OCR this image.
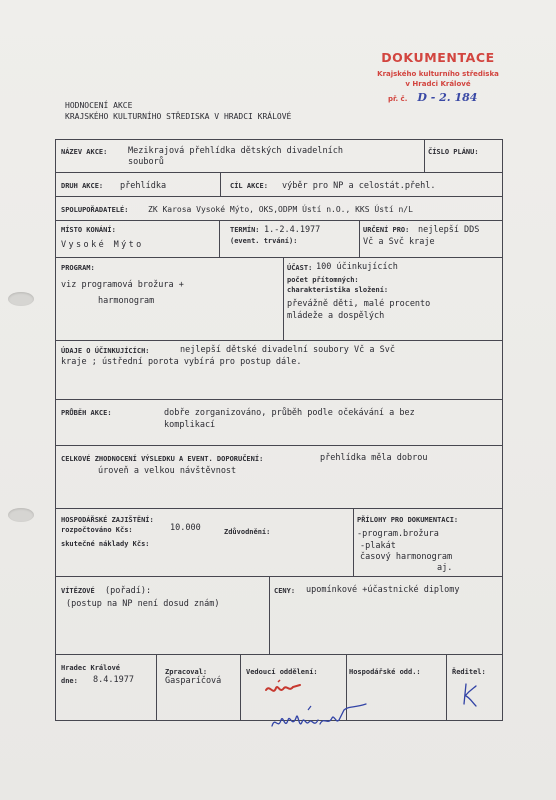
DOKUMENTACE
Krajského kulturního střediska
v Hradci Králové
př. č. D - 2. 184
HODNOCENÍ AKCE
KRAJSKÉHO KULTURNÍHO STŘEDISKA V HRADCI KRÁLOVÉ
NÁZEV AKCE: Mezikrajová přehlídka dětských divadelních
souborů
ČÍSLO PLÁNU:
DRUH AKCE: přehlídka	CÍL AKCE: výběr pro NP a celostát.přehl.
SPOLUPOŘADATELÉ: ZK Karosa Vysoké Mýto, OKS,ODPM Ústí n.O., KKS Ústí n/L
MÍSTO KONÁNÍ:
Vysoké Mýto
TERMÍN: 1.-2.4.1977
(event. trvání):
URČENÍ PRO: nejlepší DDS
Vč a Svč kraje
PROGRAM:
viz programová brožura +
harmonogram
ÚČAST: 100 účinkujících
počet přítomných:
charakteristika složení:
převážně děti, malé procento
mládeže a dospělých
ÚDAJE O ÚČINKUJÍCÍCH:	nejlepší dětské divadelní soubory Vč a Svč
kraje ; ústřední porota vybírá pro postup dále.
PRŮBĚH AKCE:	dobře zorganizováno, průběh podle očekávání a bez
komplikací
CELKOVÉ ZHODNOCENÍ VÝSLEDKU A EVENT. DOPORUČENÍ:	přehlídka měla dobrou
úroveň a velkou návštěvnost
HOSPODÁŘSKÉ ZAJIŠTĚNÍ:
rozpočtováno Kčs:	10.000	Zdůvodnění:
skutečné náklady Kčs:
PŘÍLOHY PRO DOKUMENTACI:
-program.brožura
-plakát
časový harmonogram
aj.
VÍTĚZOVÉ (pořadí):
(postup na NP není dosud znám)
CENY: upomínkové +účastnické diplomy
Hradec Králové
dne: 8.4.1977
Zpracoval:
Gasparíčová
Vedoucí oddělení:	Hospodářské odd.:	Ředitel:
